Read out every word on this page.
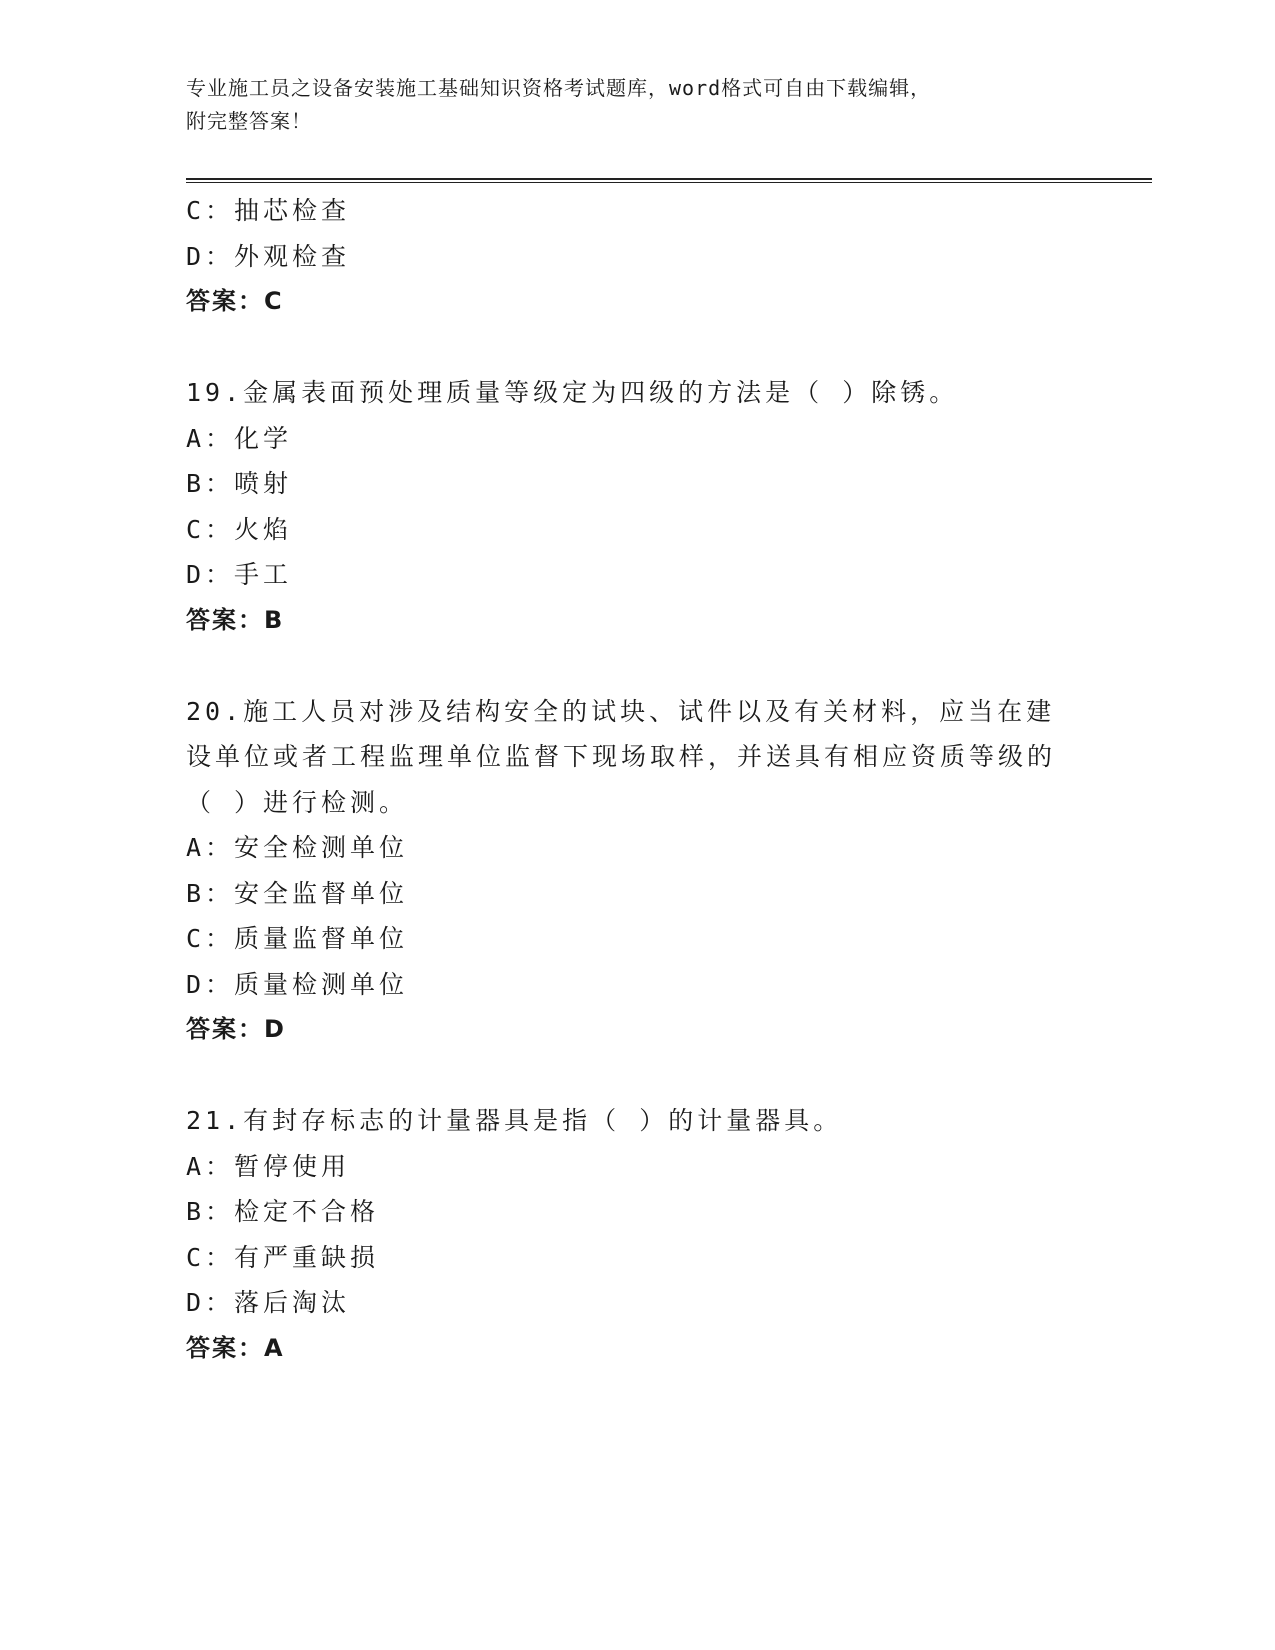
专业施工员之设备安装施工基础知识资格考试题库，word格式可自由下载编辑，
附完整答案！
C：抽芯检查
D：外观检查
答案：C
19.金属表面预处理质量等级定为四级的方法是（ ）除锈。
A：化学
B：喷射
C：火焰
D：手工
答案：B
20.施工人员对涉及结构安全的试块、试件以及有关材料，应当在建设单位或者工程监理单位监督下现场取样，并送具有相应资质等级的（ ）进行检测。
A：安全检测单位
B：安全监督单位
C：质量监督单位
D：质量检测单位
答案：D
21.有封存标志的计量器具是指（ ）的计量器具。
A：暂停使用
B：检定不合格
C：有严重缺损
D：落后淘汰
答案：A
